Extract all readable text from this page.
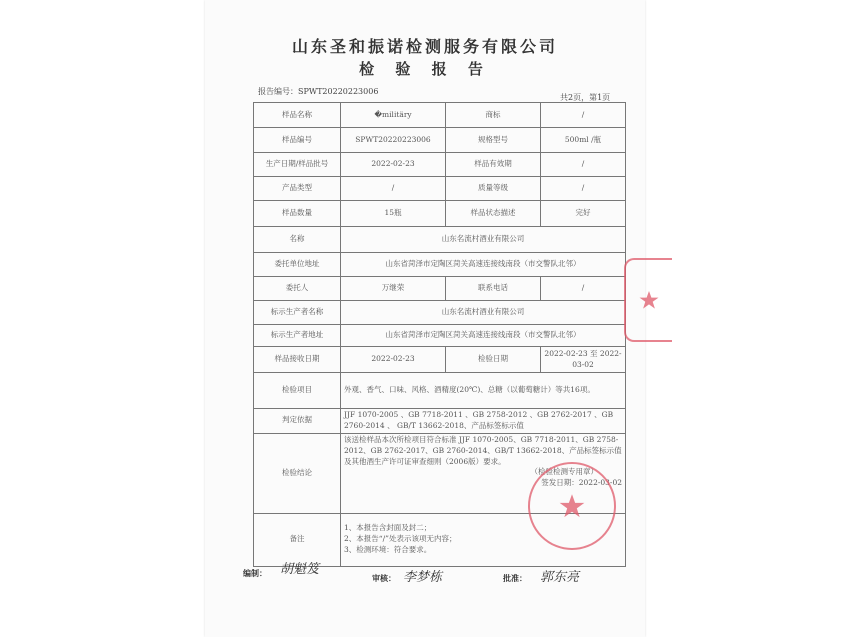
山东圣和振诺检测服务有限公司
检 验 报 告
报告编号：SPWT20220223006
共2页，第1页
样品名称	�militäry	商标	/
样品编号	SPWT20220223006	规格型号	500ml /瓶
生产日期/样品批号	2022-02-23	样品有效期	/
产品类型	/	质量等级	/
样品数量	15瓶	样品状态描述	完好
名称	山东名流村酒业有限公司		
委托单位地址	山东省菏泽市定陶区菏关高速连接线南段（市交警队北邻）		
委托人	万继荣	联系电话	/
标示生产者名称	山东名流村酒业有限公司		
标示生产者地址	山东省菏泽市定陶区菏关高速连接线南段（市交警队北邻）		
样品接收日期	2022-02-23	检验日期	2022-02-23 至 2022-03-02
检验项目	外观、香气、口味、风格、酒精度(20℃)、总糖（以葡萄糖计）等共16项。		
判定依据	JJF 1070-2005 、GB 7718-2011 、GB 2758-2012 、GB 2762-2017 、GB 2760-2014 、 GB/T 13662-2018、产品标签标示值		
检验结论	该送检样品本次所检项目符合标准 JJF 1070-2005、GB 7718-2011、GB 2758-2012、GB 2762-2017、GB 2760-2014、GB/T 13662-2018、产品标签标示值及其他酒生产许可证审查细则（2006版）要求。
（检验检测专用章）
签发日期：2022-03-02		

备注	1、本报告含封面及封二；
2、本报告“/”处表示该项无内容；
3、检测环境：符合要求。		
编制： 胡魁笈
审核： 李梦栋	批准： 郭东亮
